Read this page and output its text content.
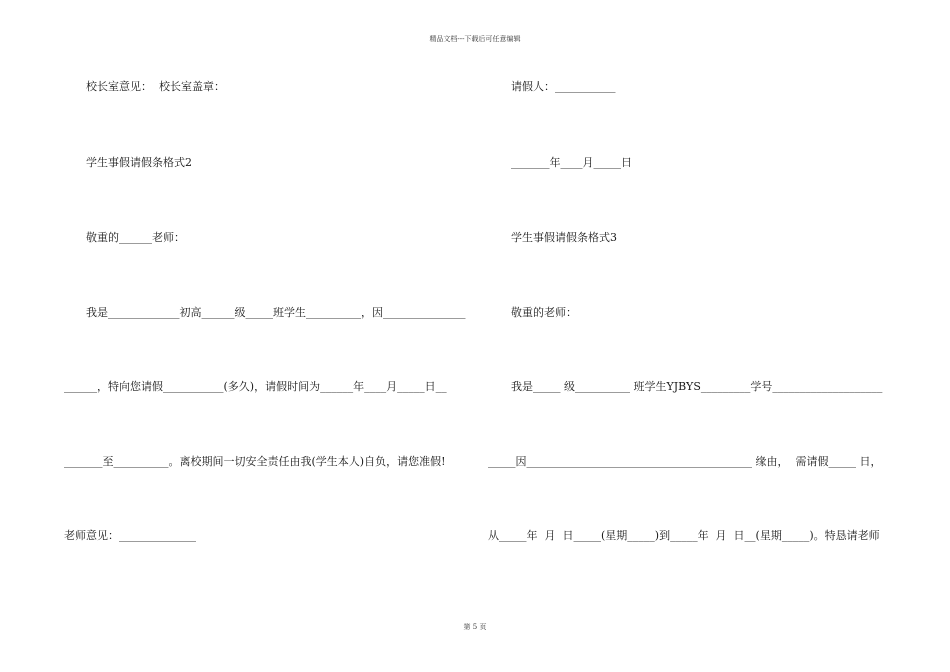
精品文档---下载后可任意编辑
校长室意见：  校长室盖章：
学生事假请假条格式2
敬重的______老师：
我是_____________初高______级_____班学生__________，因_______________
______，特向您请假___________(多久)，请假时间为______年____月_____日__
_______至__________。离校期间一切安全责任由我(学生本人)自负，请您准假!
老师意见：______________
请假人：___________
_______年____月_____日
学生事假请假条格式3
敬重的老师：
我是_____ 级__________ 班学生YJBYS_________学号____________________
_____因_________________________________________ 缘由，  需请假_____ 日，
从_____年  月  日_____(星期_____)到_____年  月  日__(星期_____)。特恳请老师
第 5 页
